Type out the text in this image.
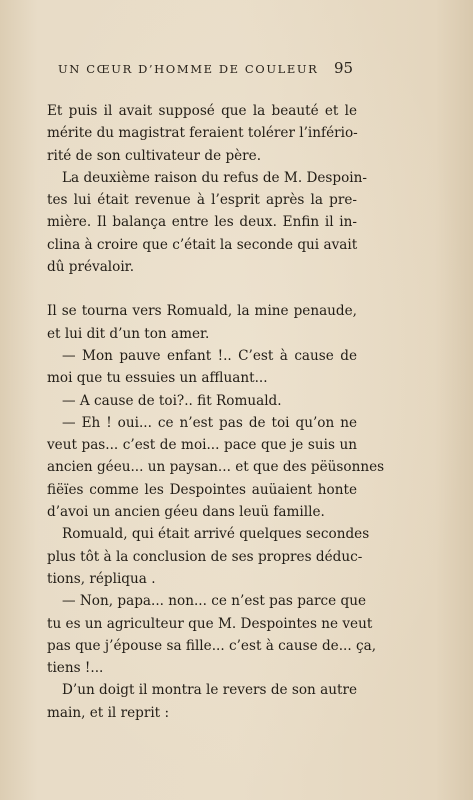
UN CŒUR D’HOMME DE COULEUR	95

Et puis il avait supposé que la beauté et le
mérite du magistrat feraient tolérer l’infério-
rité de son cultivateur de père.

La deuxième raison du refus de M. Despoin-
tes lui était revenue à l’esprit après la pre-
mière. Il balança entre les deux. Enfin il in-
clina à croire que c’était la seconde qui avait
dû prévaloir.

Il se tourna vers Romuald, la mine penaude,
et lui dit d’un ton amer.

— Mon pauve enfant !.. C’est à cause de
moi que tu essuies un affluant...

— A cause de toi?.. fit Romuald.

— Eh ! oui... ce n’est pas de toi qu’on ne
veut pas... c’est de moi... pace que je suis un
ancien géeu... un paysan... et que des pëüsonnes
fiëïes comme les Despointes auüaient honte
d’avoi un ancien géeu dans leuü famille.

Romuald, qui était arrivé quelques secondes
plus tôt à la conclusion de ses propres déduc-
tions, répliqua .

— Non, papa... non... ce n’est pas parce que
tu es un agriculteur que M. Despointes ne veut
pas que j’épouse sa fille... c’est à cause de... ça,
tiens !...

D’un doigt il montra le revers de son autre
main, et il reprit :
